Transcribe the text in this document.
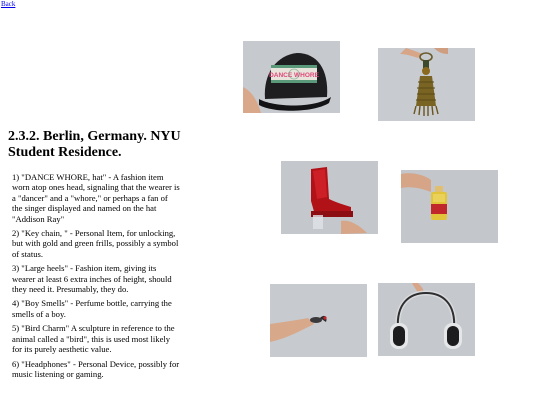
Back
2.3.2. Berlin, Germany. NYU Student Residence.

1) "DANCE WHORE, hat" - A fashion item worn atop ones head, signaling that the wearer is a "dancer" and a "whore," or perhaps a fan of the singer displayed and named on the hat "Addison Ray"

2) "Key chain, " - Personal Item, for unlocking, but with gold and green frills, possibly a symbol of status.

3) "Large heels" - Fashion item, giving its wearer at least 6 extra inches of height, should they need it. Presumably, they do.

4) "Boy Smells" - Perfume bottle, carrying the smells of a boy.

5) "Bird Charm" A sculpture in reference to the animal called a "bird", this is used most likely for its purely aesthetic value.

6) "Headphones" - Personal Device, possibly for music listening or gaming.

DANCE WHORE
